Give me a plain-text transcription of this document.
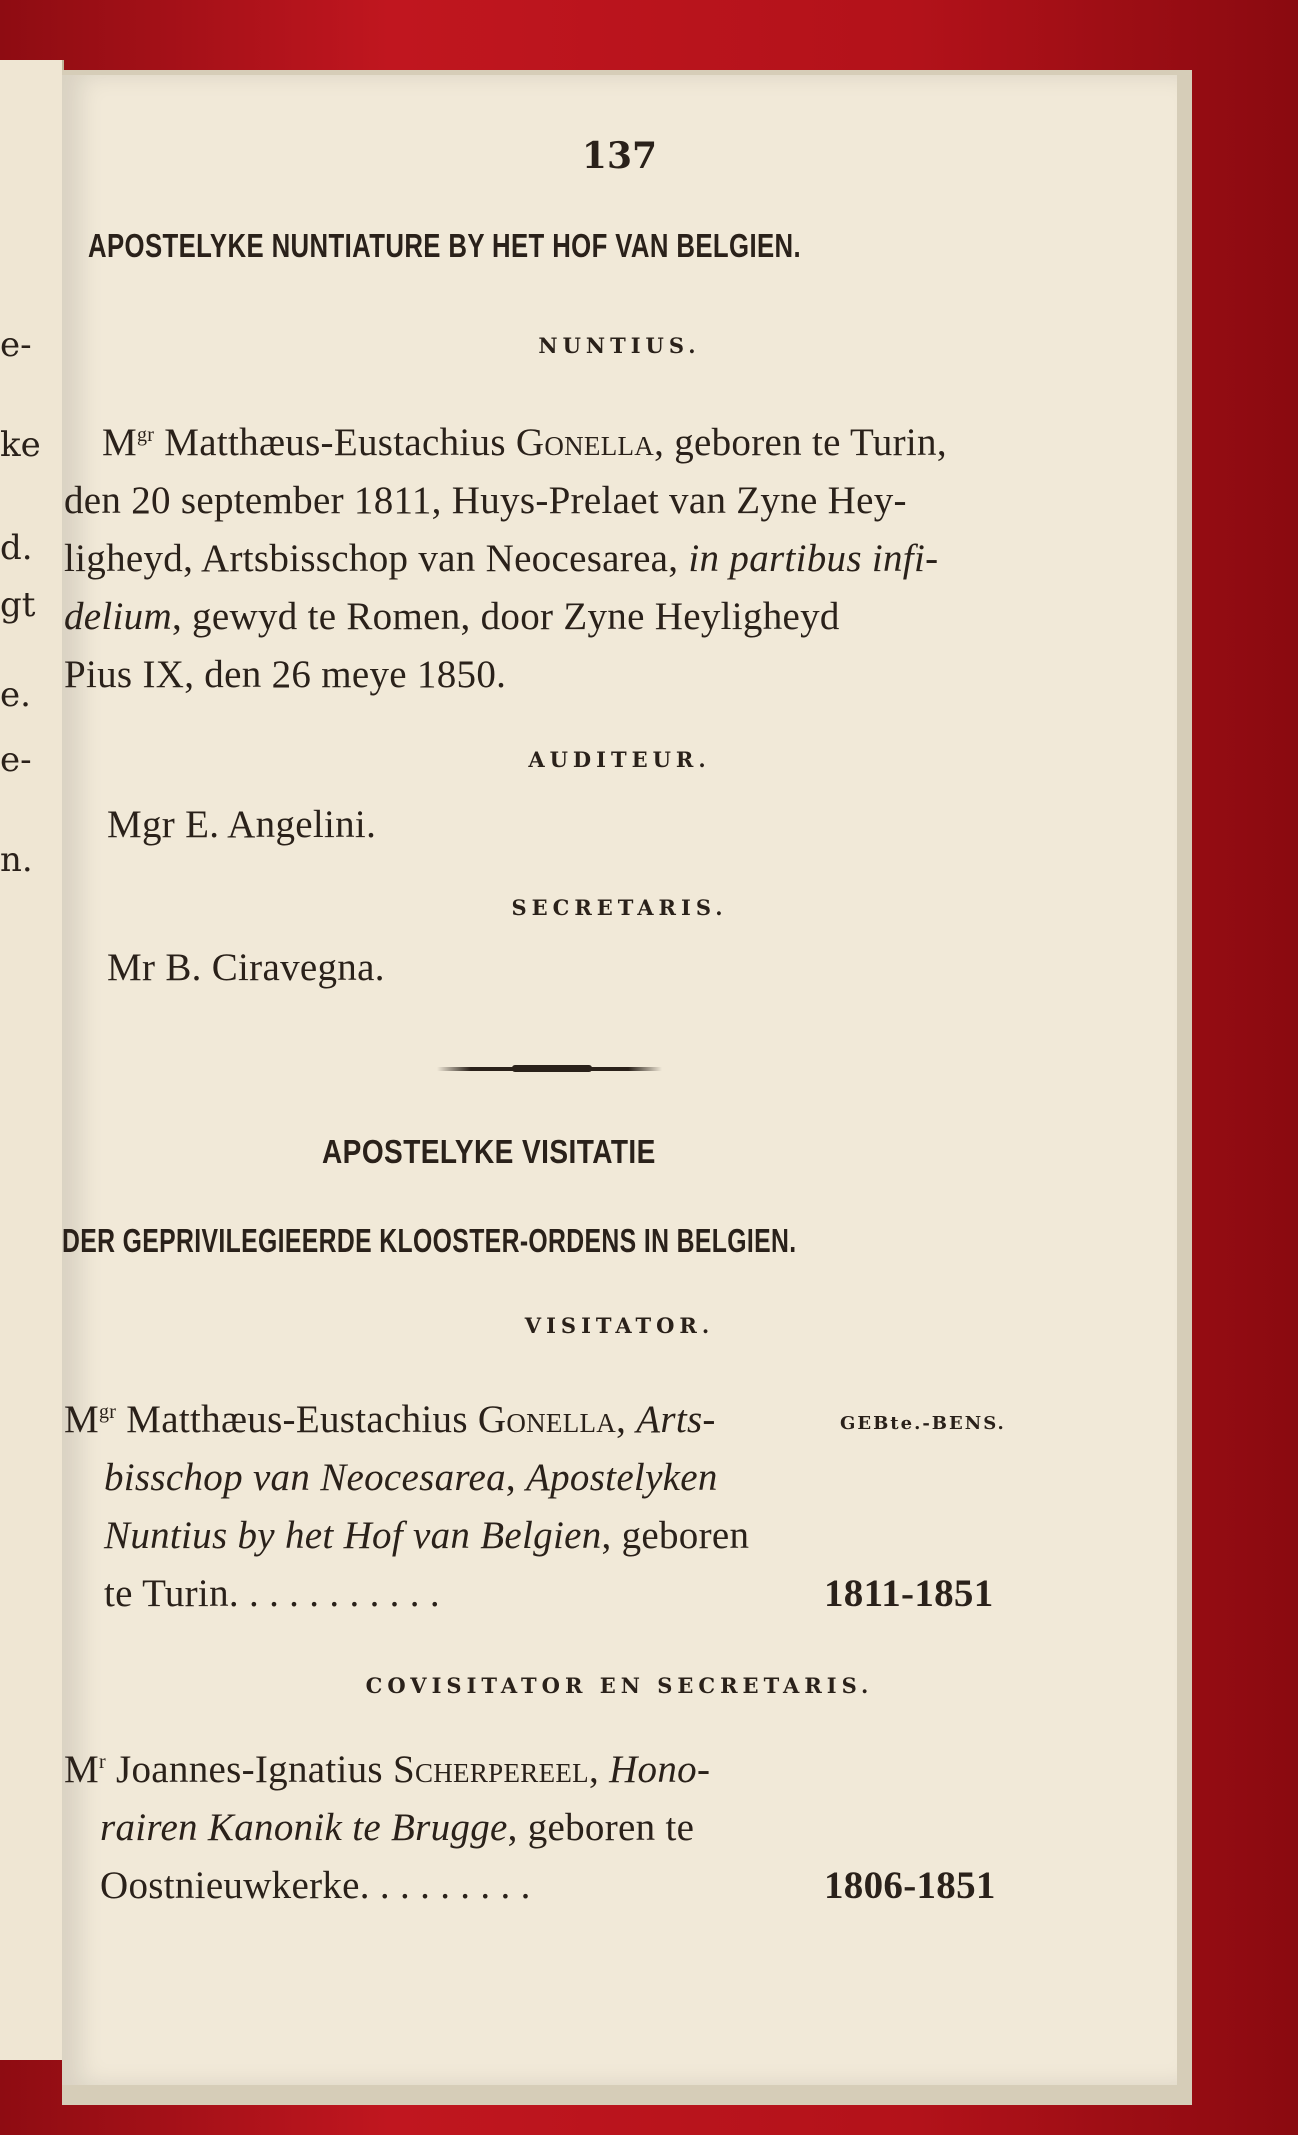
e-
ke
d.
gt
e.
e-
n.
137
APOSTELYKE NUNTIATURE BY HET HOF VAN BELGIEN.
NUNTIUS.
$M^{gr}$ Matthæus-Eustachius Gonella, geboren te Turin,
den 20 september 1811, Huys-Prelaet van Zyne Hey-
ligheyd, Artsbisschop van Neocesarea, in partibus infi-
delium, gewyd te Romen, door Zyne Heyligheyd
Pius IX, den 26 meye 1850.
AUDITEUR.
Mgr E. Angelini.
SECRETARIS.
Mr B. Ciravegna.
APOSTELYKE VISITATIE
DER GEPRIVILEGIEERDE KLOOSTER-ORDENS IN BELGIEN.
VISITATOR.
GEBte.-BENS.
$M^{gr}$ Matthæus-Eustachius Gonella, Arts-
bisschop van Neocesarea, Apostelyken
Nuntius by het Hof van Belgien, geboren
te Turin. . . . . . . . . . .	1811-1851
COVISITATOR EN SECRETARIS.
$M^r$ Joannes-Ignatius Scherpereel, Hono-
rairen Kanonik te Brugge, geboren te
Oostnieuwkerke. . . . . . . . .	1806-1851
